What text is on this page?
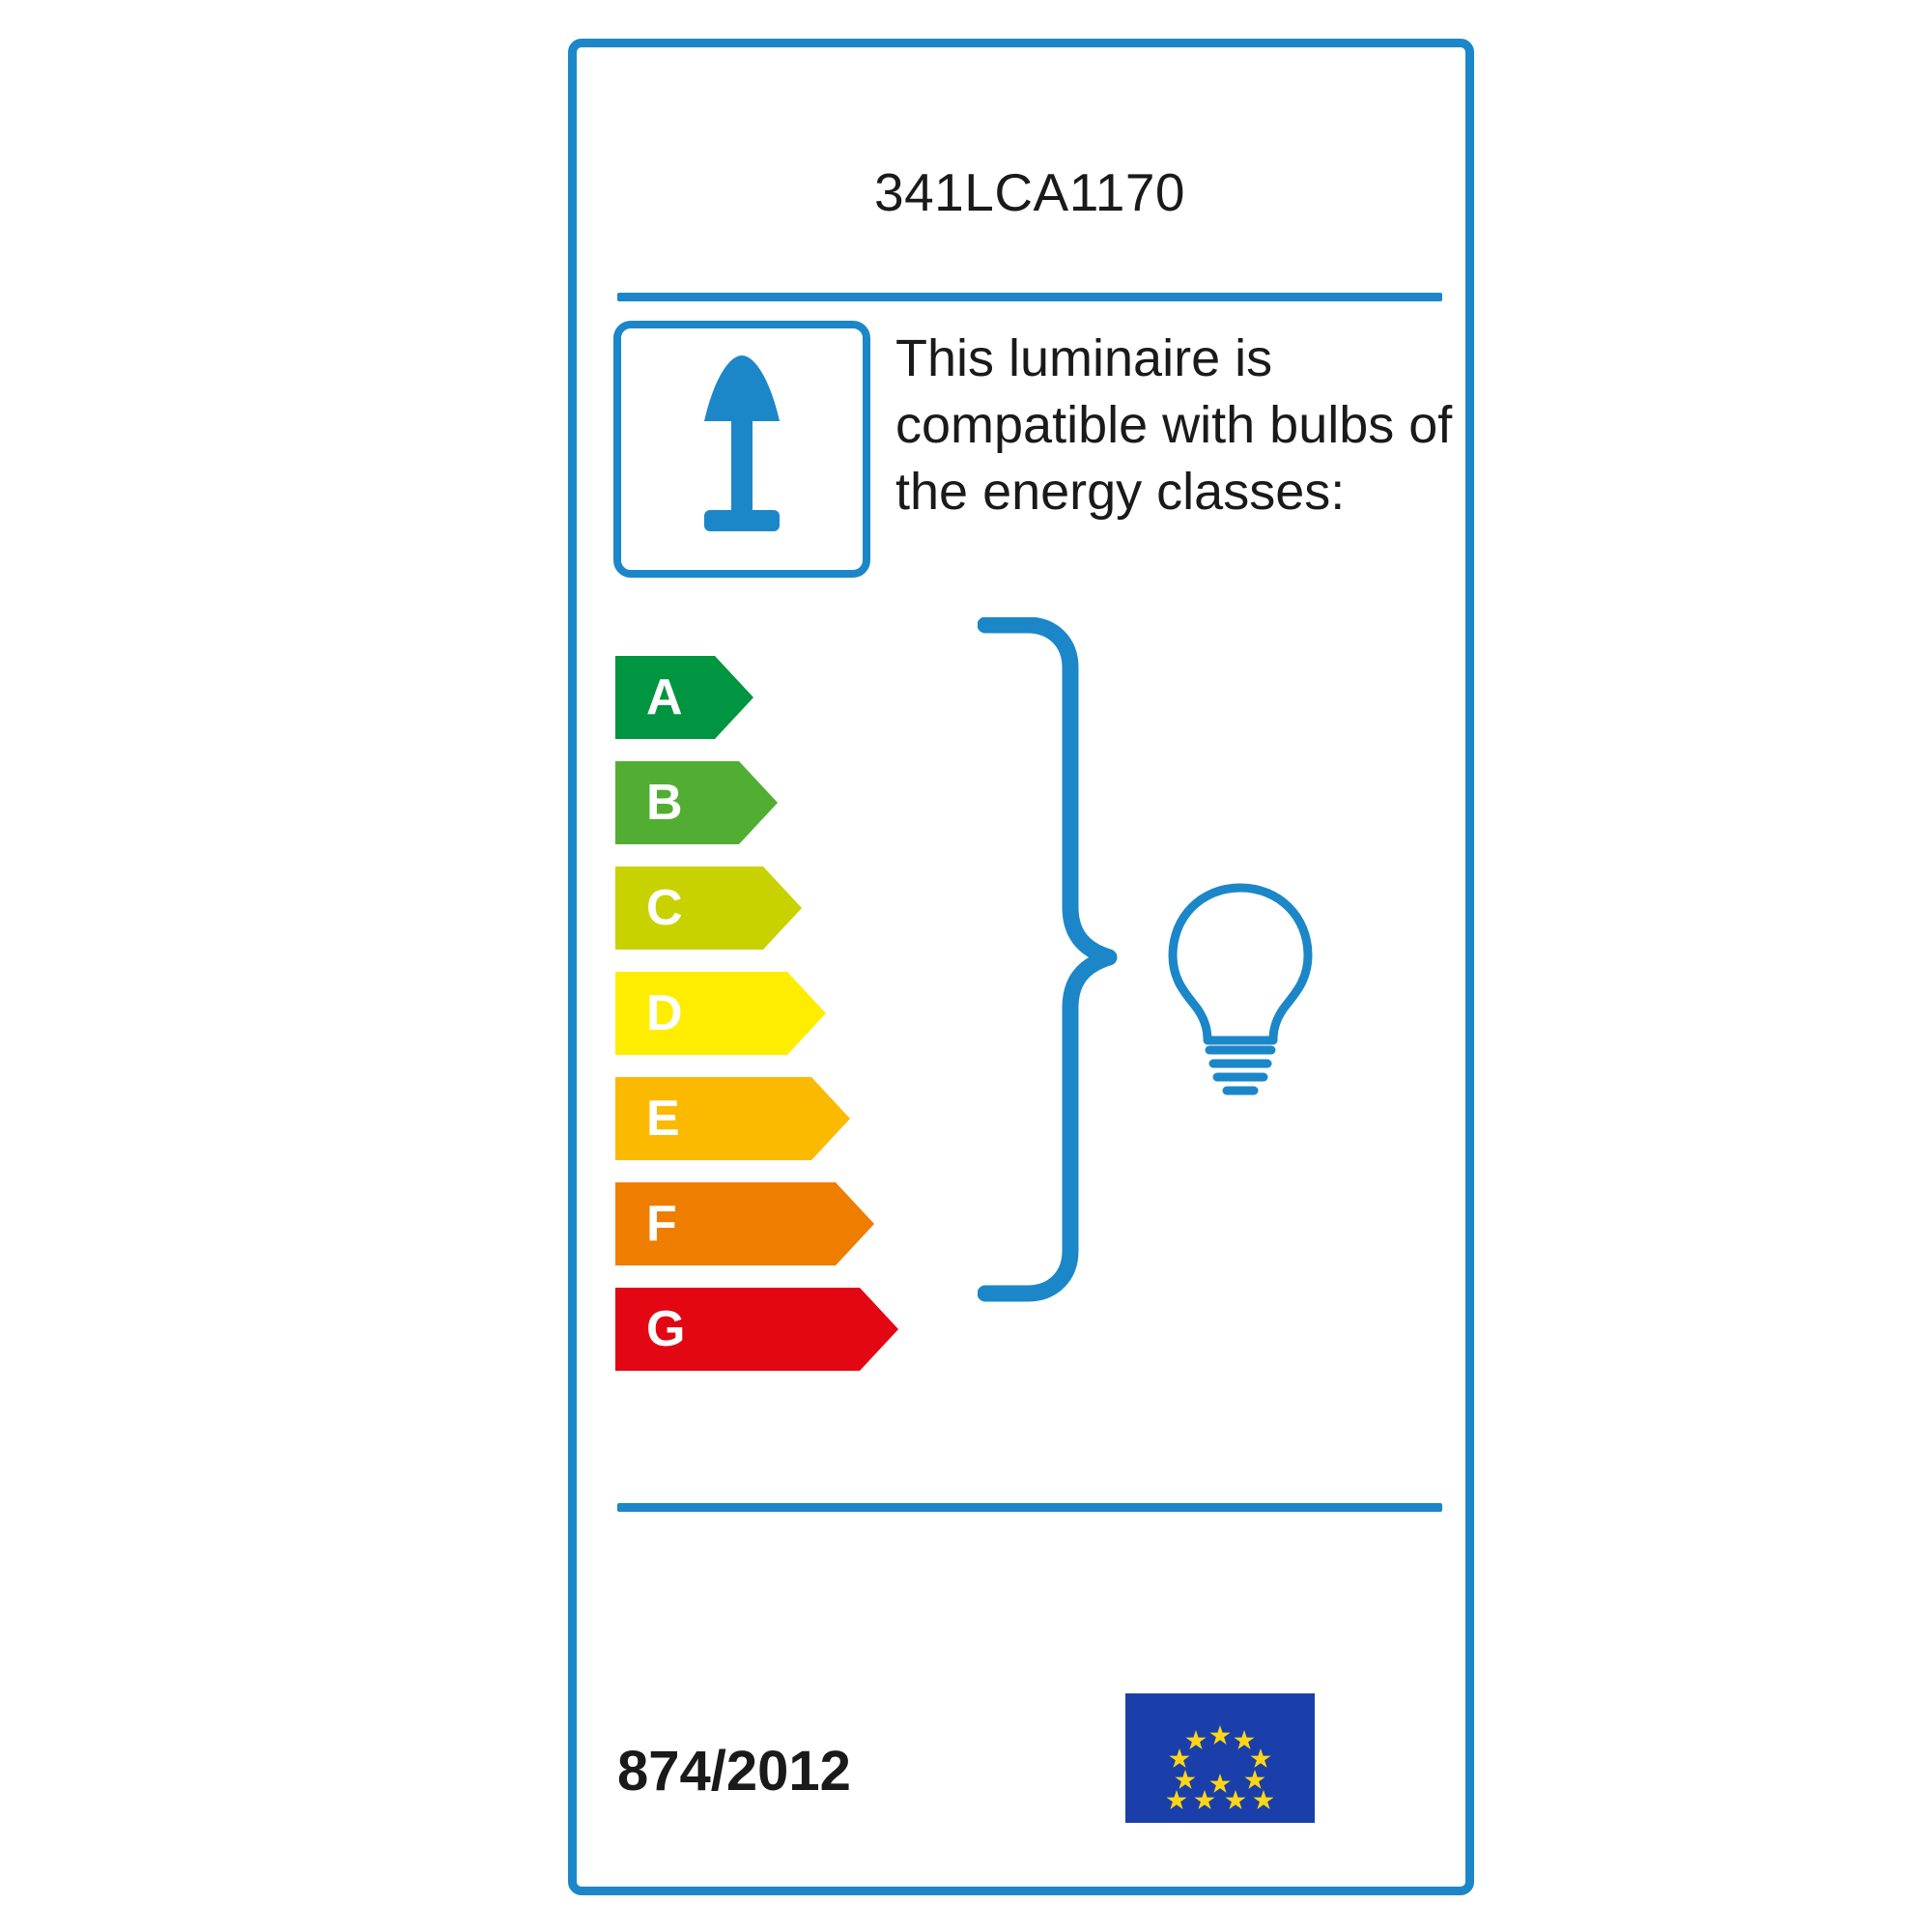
341LCA1170
This luminaire is compatible with bulbs of the energy classes:
A
B
C
D
E
F
G
874/2012
